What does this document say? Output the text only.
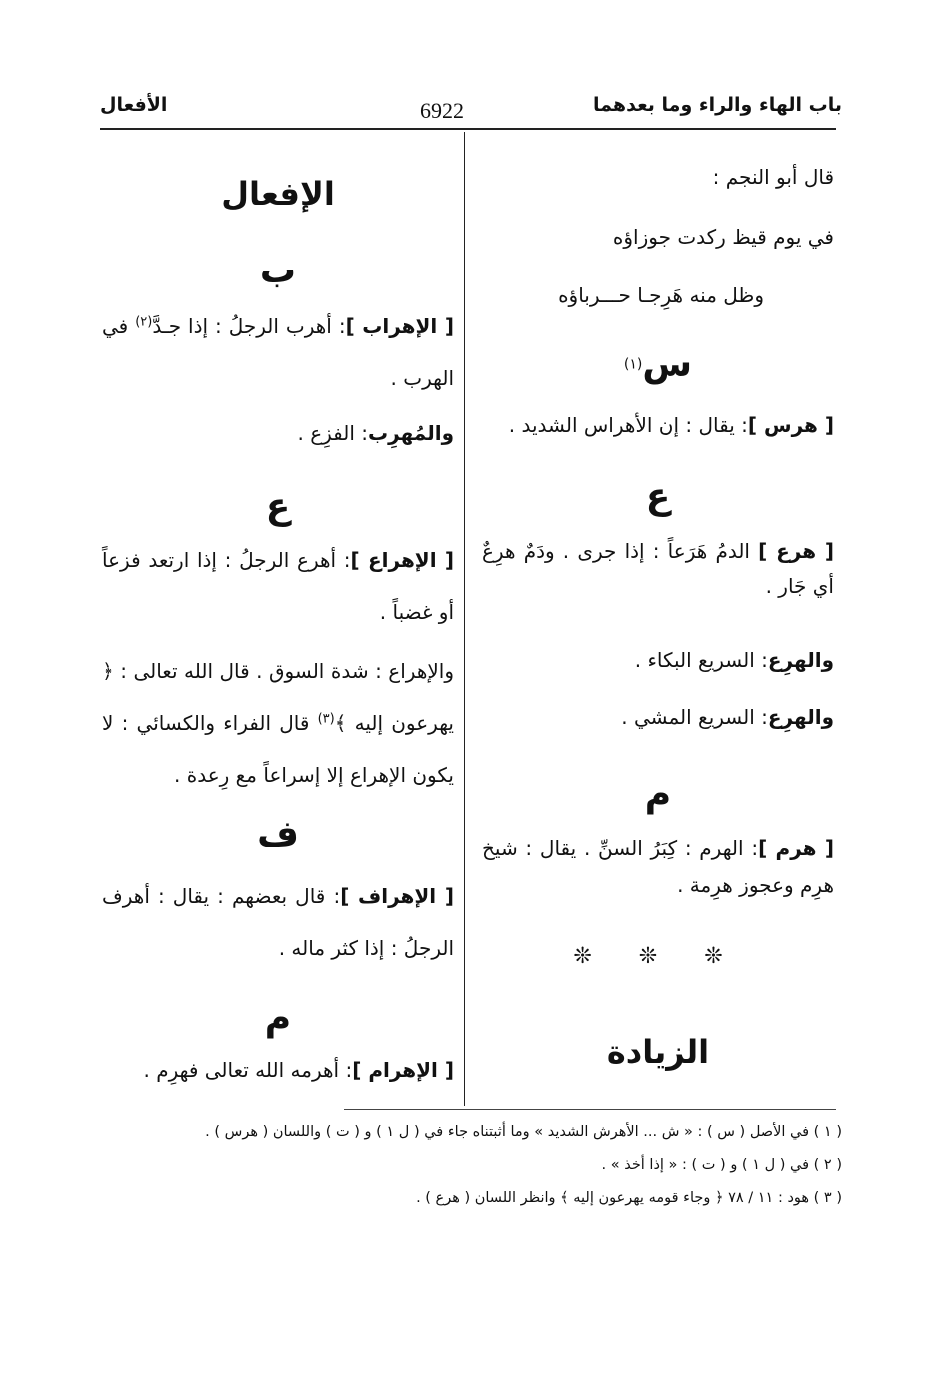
باب الهاء والراء وما بعدهما
6922
الأفعال
قال أبو النجم :
في يوم قيظ ركدت جوزاؤه
وظل منه هَرِجـا حـــرباؤه
س$^{(١)}$
[ هرس ]: يقال : إن الأهراس الشديد .
ع
[ هرع ] الدمُ هَرَعاً : إذا جرى . ودَمٌ هرِعٌ أي جَار .
والهرِع: السريع البكاء .
والهرِع: السريع المشي .
م
[ هرم ]: الهرم : كِبَرُ السنِّ . يقال : شيخ هرِم وعجوز هرِمة .
❊ ❊ ❊
الزيادة
الإفعال
ب
[ الإهراب ]: أهرب الرجلُ : إذا جـدَّ$^{(٢)}$ في الهرب .
والمُهرِب: الفزِع .
ع
[ الإهراع ]: أهرع الرجلُ : إذا ارتعد فزعاً أو غضباً .
والإهراع : شدة السوق . قال الله تعالى : ﴿ يهرعون إليه ﴾$^{(٣)}$ قال الفراء والكسائي : لا يكون الإهراع إلا إسراعاً مع رِعدة .
ف
[ الإهراف ]: قال بعضهم : يقال : أهرف الرجلُ : إذا كثر ماله .
م
[ الإهرام ]: أهرمه الله تعالى فهرِم .
( ١ ) في الأصل ( س ) : « ش ... الأهرش الشديد » وما أثبتناه جاء في ( ل ١ ) و ( ت ) واللسان ( هرس ) .
( ٢ ) في ( ل ١ ) و ( ت ) : « إذا أخذ » .
( ٣ ) هود : ١١ / ٧٨ ﴿ وجاء قومه يهرعون إليه ﴾ وانظر اللسان ( هرع ) .
